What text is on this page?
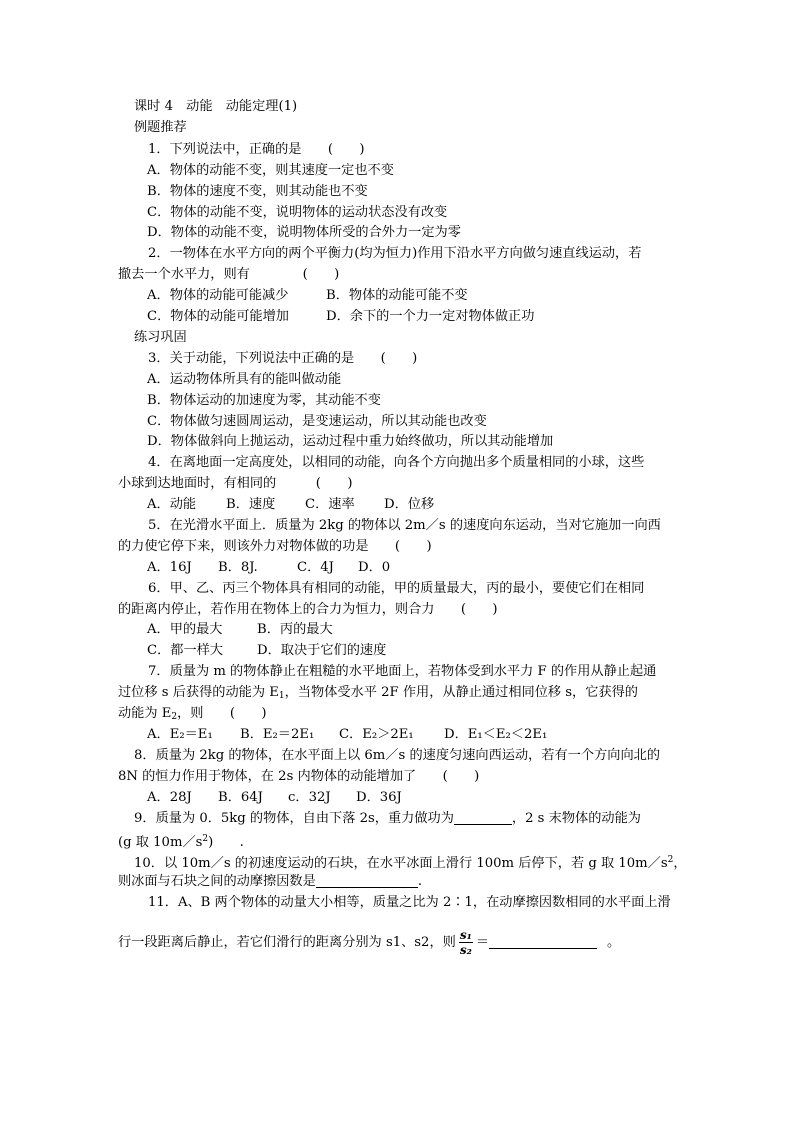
课时 4　动能　动能定理(1)
例题推荐
1．下列说法中，正确的是　　(　　)
A．物体的动能不变，则其速度一定也不变
B．物体的速度不变，则其动能也不变
C．物体的动能不变，说明物体的运动状态没有改变
D．物体的动能不变，说明物体所受的合外力一定为零
2．一物体在水平方向的两个平衡力(均为恒力)作用下沿水平方向做匀速直线运动，若
撤去一个水平力，则有　　　　(　　)
A．物体的动能可能减少	B．物体的动能可能不变
C．物体的动能可能增加	D．余下的一个力一定对物体做正功
练习巩固
3．关于动能，下列说法中正确的是　　(　　)
A．运动物体所具有的能叫做动能
B．物体运动的加速度为零，其动能不变
C．物体做匀速圆周运动，是变速运动，所以其动能也改变
D．物体做斜向上抛运动，运动过程中重力始终做功，所以其动能增加
4．在离地面一定高度处，以相同的动能，向各个方向抛出多个质量相同的小球，这些
小球到达地面时，有相同的　　　(　　)
A．动能 B．速度 C．速率 D．位移
5．在光滑水平面上．质量为 2kg 的物体以 2m／s 的速度向东运动，当对它施加一向西
的力使它停下来，则该外力对物体做的功是　　(　　)
A．16J B．8J.	C．4J D．0
6．甲、乙、丙三个物体具有相同的动能，甲的质量最大，丙的最小，要使它们在相同
的距离内停止，若作用在物体上的合力为恒力，则合力　　(　　)
A．甲的最大	B．丙的最大
C．都一样大	D．取决于它们的速度
7．质量为 m 的物体静止在粗糙的水平地面上，若物体受到水平力 F 的作用从静止起通
过位移 s 后获得的动能为 $E_1$，当物体受水平 2F 作用，从静止通过相同位移 s，它获得的
动能为 $E_2$，则　　(　　)
A．E₂＝E₁ B．E₂＝2E₁ C．E₂＞2E₁ D．E₁＜E₂＜2E₁
8．质量为 2kg 的物体，在水平面上以 6m／s 的速度匀速向西运动，若有一个方向向北的
8N 的恒力作用于物体，在 2s 内物体的动能增加了　　(　　)
A．28J B．64J c．32J D．36J
9．质量为 0．5kg 的物体，自由下落 2s，重力做功为	，2 s 末物体的动能为
(g 取 $10m/s^2$)　　.
10．以 10m／s 的初速度运动的石块，在水平冰面上滑行 100m 后停下，若 g 取 $10m/s^2$，
则冰面与石块之间的动摩擦因数是	.
11．A、B 两个物体的动量大小相等，质量之比为 2∶1，在动摩擦因数相同的水平面上滑
行一段距离后静止，若它们滑行的距离分别为 s1、s2，则 $\frac{\text{s₁}}{\text{s₂}}$ ＝	。
